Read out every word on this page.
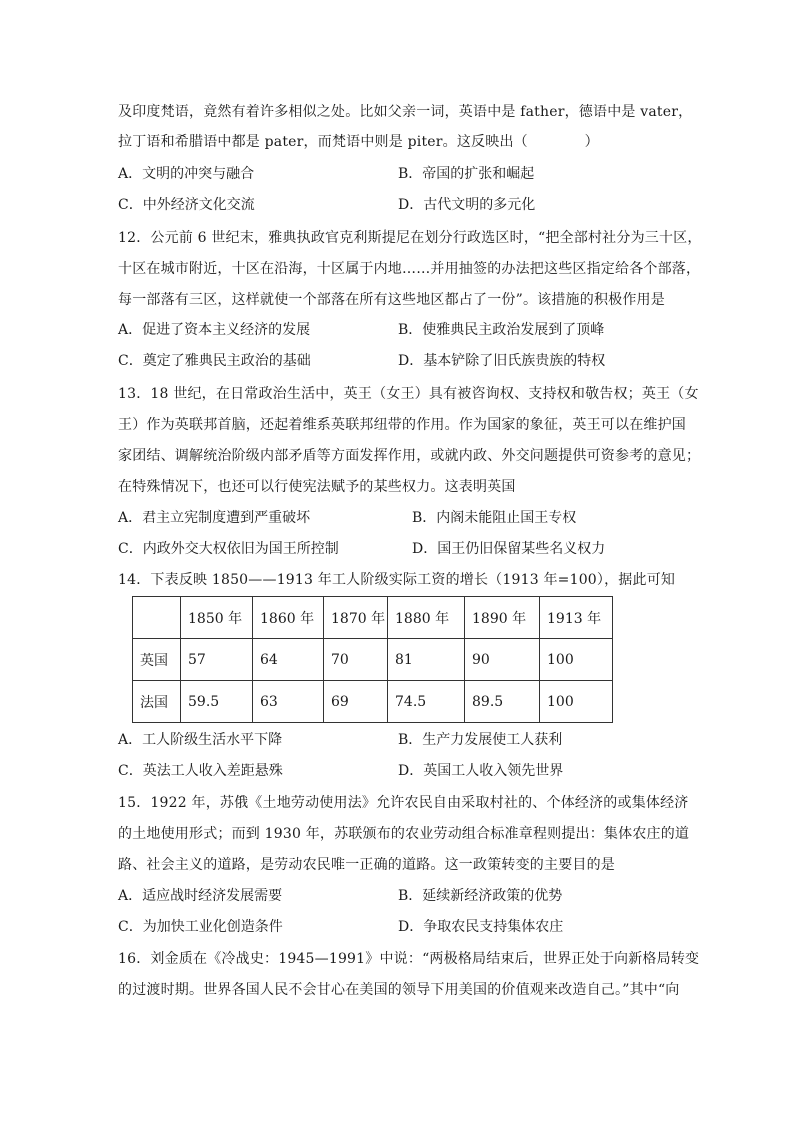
及印度梵语，竟然有着许多相似之处。比如父亲一词，英语中是 father，德语中是 vater，
拉丁语和希腊语中都是 pater，而梵语中则是 piter。这反映出（　　　　）
A．文明的冲突与融合	B．帝国的扩张和崛起
C．中外经济文化交流	D．古代文明的多元化
12．公元前 6 世纪末，雅典执政官克利斯提尼在划分行政选区时，“把全部村社分为三十区，
十区在城市附近，十区在沿海，十区属于内地……并用抽签的办法把这些区指定给各个部落，
每一部落有三区，这样就使一个部落在所有这些地区都占了一份”。该措施的积极作用是
A．促进了资本主义经济的发展	B．使雅典民主政治发展到了顶峰
C．奠定了雅典民主政治的基础	D．基本铲除了旧氏族贵族的特权
13．18 世纪，在日常政治生活中，英王（女王）具有被咨询权、支持权和敬告权；英王（女
王）作为英联邦首脑，还起着维系英联邦纽带的作用。作为国家的象征，英王可以在维护国
家团结、调解统治阶级内部矛盾等方面发挥作用，或就内政、外交问题提供可资参考的意见；
在特殊情况下，也还可以行使宪法赋予的某些权力。这表明英国
A．君主立宪制度遭到严重破坏	B．内阁未能阻止国王专权
C．内政外交大权依旧为国王所控制	D．国王仍旧保留某些名义权力
14．下表反映 1850——1913 年工人阶级实际工资的增长（1913 年=100），据此可知
	1850 年	1860 年	1870 年	1880 年	1890 年	1913 年
英国	57	64	70	81	90	100
法国	59.5	63	69	74.5	89.5	100
A．工人阶级生活水平下降	B．生产力发展使工人获利
C．英法工人收入差距悬殊	D．英国工人收入领先世界
15．1922 年，苏俄《土地劳动使用法》允许农民自由采取村社的、个体经济的或集体经济
的土地使用形式；而到 1930 年，苏联颁布的农业劳动组合标准章程则提出：集体农庄的道
路、社会主义的道路，是劳动农民唯一正确的道路。这一政策转变的主要目的是
A．适应战时经济发展需要	B．延续新经济政策的优势
C．为加快工业化创造条件	D．争取农民支持集体农庄
16．刘金质在《冷战史：1945—1991》中说：“两极格局结束后，世界正处于向新格局转变
的过渡时期。世界各国人民不会甘心在美国的领导下用美国的价值观来改造自己。”其中“向
